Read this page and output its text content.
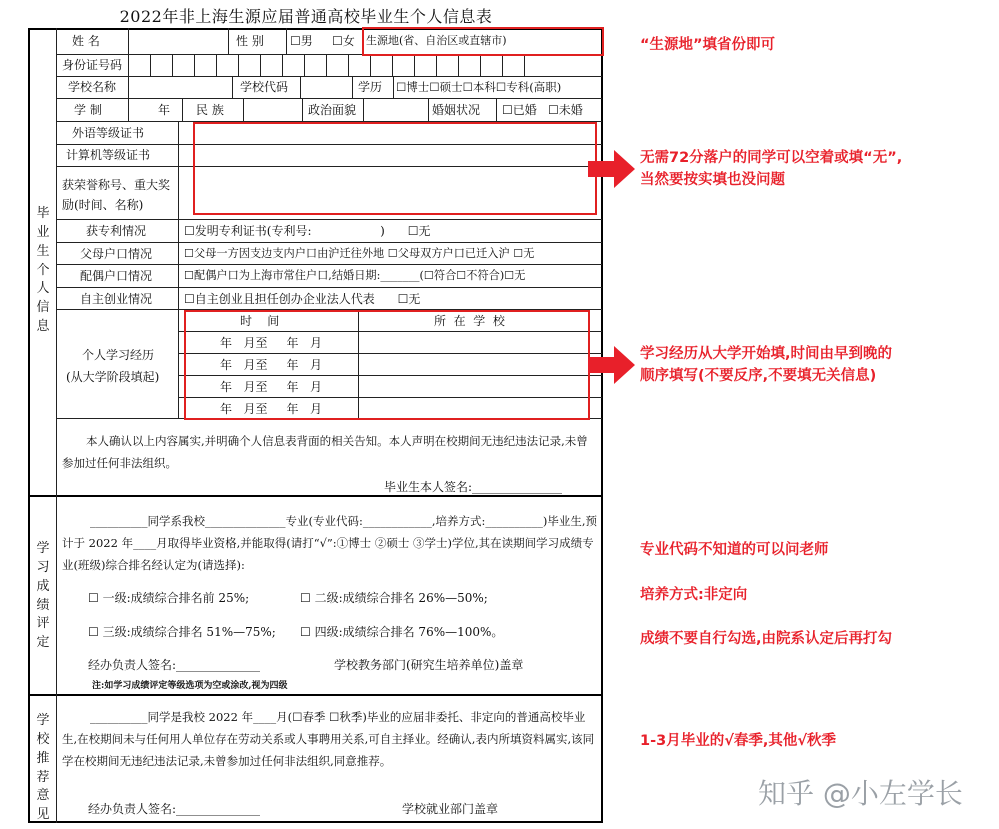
2022年非上海生源应届普通高校毕业生个人信息表
毕
业
生
个
人
信
息
姓 名	性 别 ☐男 ☐女 生源地(省、自治区或直辖市)
身份证号码
学校名称	学校代码	学历 ☐博士☐硕士☐本科☐专科(高职)
学 制	年 民 族	政治面貌	婚姻状况 ☐已婚 ☐未婚
外语等级证书
计算机等级证书
获荣誉称号、重大奖励(时间、名称)
获专利情况	☐发明专利证书(专利号:                  )      ☐无
父母户口情况	☐父母一方因支边支内户口由沪迁往外地 ☐父母双方户口已迁入沪 ☐无
配偶户口情况	☐配偶户口为上海市常住户口,结婚日期:_______(☐符合☐不符合)☐无
自主创业情况	☐自主创业且担任创办企业法人代表      ☐无
个人学习经历
(从大学阶段填起)
时    间	所  在  学  校
年   月至     年   月
年   月至     年   月
年   月至     年   月
年   月至     年   月
本人确认以上内容属实,并明确个人信息表背面的相关告知。本人声明在校期间无违纪违法记录,未曾参加过任何非法组织。
毕业生本人签名:_______________
学
习
成
绩
评
定
__________同学系我校______________专业(专业代码:____________,培养方式:__________)毕业生,预计于 2022 年____月取得毕业资格,并能取得(请打“√”:①博士 ②硕士 ③学士)学位,其在读期间学习成绩专业(班级)综合排名经认定为(请选择):
☐ 一级:成绩综合排名前 25%;	☐ 二级:成绩综合排名 26%—50%;
☐ 三级:成绩综合排名 51%—75%; ☐ 四级:成绩综合排名 76%—100%。
经办负责人签名:______________	学校教务部门(研究生培养单位)盖章
注:如学习成绩评定等级选项为空或涂改,视为四级
学
校
推
荐
意
见
__________同学是我校 2022 年____月(☐春季 ☐秋季)毕业的应届非委托、非定向的普通高校毕业生,在校期间未与任何用人单位存在劳动关系或人事聘用关系,可自主择业。经确认,表内所填资料属实,该同学在校期间无违纪违法记录,未曾参加过任何非法组织,同意推荐。
经办负责人签名:______________	学校就业部门盖章
“生源地”填省份即可
无需72分落户的同学可以空着或填“无”,
当然要按实填也没问题
学习经历从大学开始填,时间由早到晚的
顺序填写(不要反序,不要填无关信息)
专业代码不知道的可以问老师
培养方式:非定向
成绩不要自行勾选,由院系认定后再打勾
1-3月毕业的√春季,其他√秋季
知乎 @小左学长
